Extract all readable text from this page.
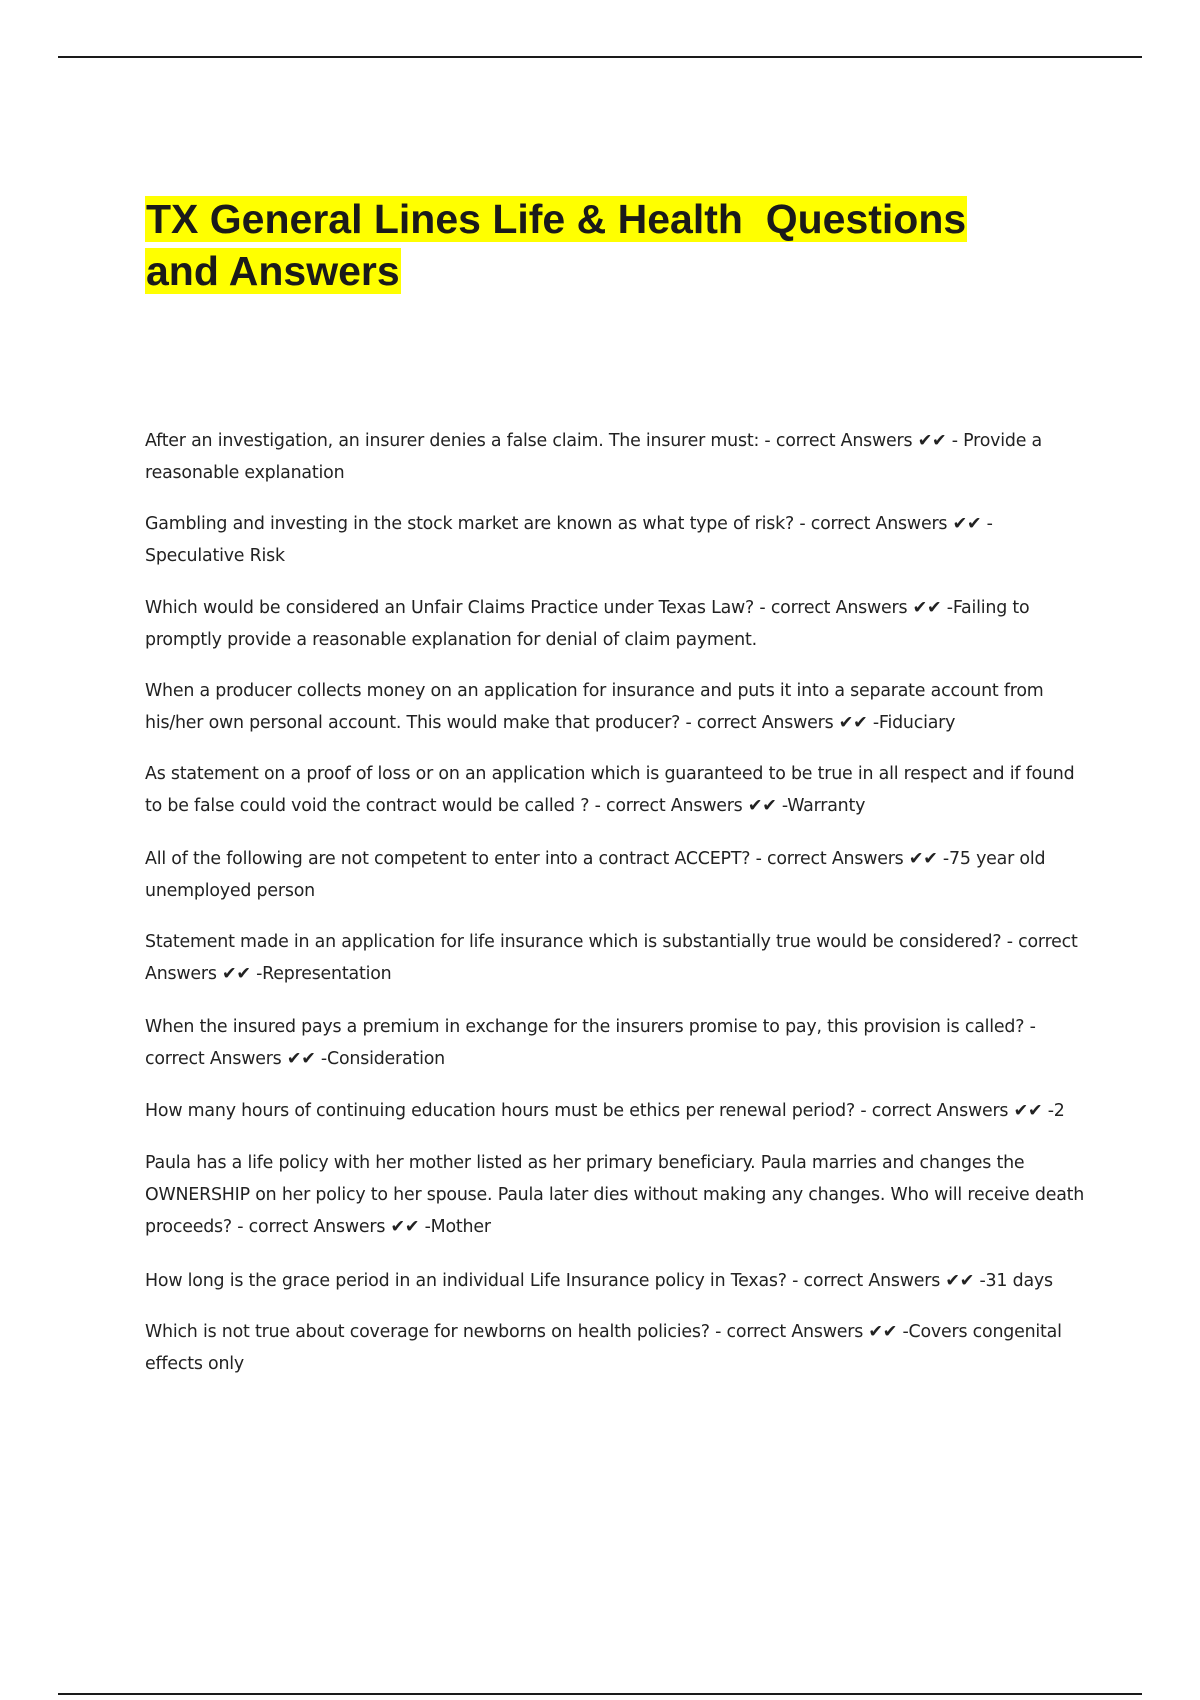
TX General Lines Life & Health  Questions
and Answers
After an investigation, an insurer denies a false claim. The insurer must: - correct Answers ✔✔ - Provide a reasonable explanation
Gambling and investing in the stock market are known as what type of risk? - correct Answers ✔✔ - Speculative Risk
Which would be considered an Unfair Claims Practice under Texas Law? - correct Answers ✔✔ -Failing to promptly provide a reasonable explanation for denial of claim payment.
When a producer collects money on an application for insurance and puts it into a separate account from his/her own personal account. This would make that producer? - correct Answers ✔✔ -Fiduciary
As statement on a proof of loss or on an application which is guaranteed to be true in all respect and if found to be false could void the contract would be called ? - correct Answers ✔✔ -Warranty
All of the following are not competent to enter into a contract ACCEPT? - correct Answers ✔✔ -75 year old unemployed person
Statement made in an application for life insurance which is substantially true would be considered? - correct Answers ✔✔ -Representation
When the insured pays a premium in exchange for the insurers promise to pay, this provision is called? - correct Answers ✔✔ -Consideration
How many hours of continuing education hours must be ethics per renewal period? - correct Answers ✔✔ -2
Paula has a life policy with her mother listed as her primary beneficiary. Paula marries and changes the OWNERSHIP on her policy to her spouse. Paula later dies without making any changes. Who will receive death proceeds? - correct Answers ✔✔ -Mother
How long is the grace period in an individual Life Insurance policy in Texas? - correct Answers ✔✔ -31 days
Which is not true about coverage for newborns on health policies? - correct Answers ✔✔ -Covers congenital effects only
